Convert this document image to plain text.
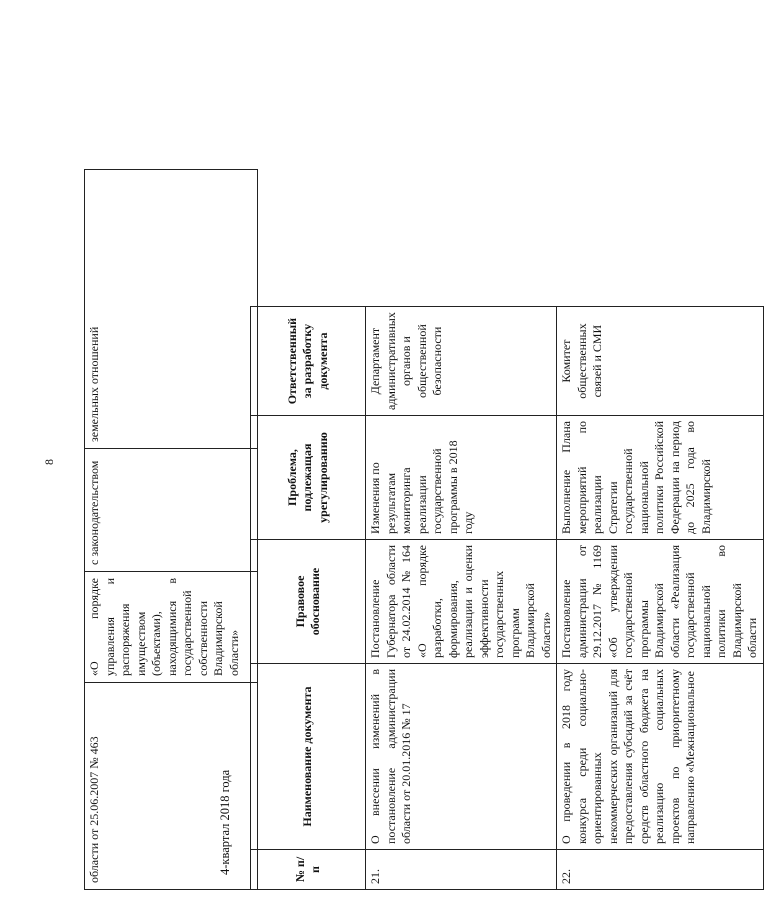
8
области от 25.06.2007 № 463	«О порядке управления и распоряжения имуществом (объектами), находящимися в государственной собственности Владимирской области»	с законодательством	земельных отношений
4-квартал 2018 года	№ п/п	Наименование документа	Правовое обоснование	Проблема, подлежащая урегулированию	Ответственный за разработку документа
21.	О внесении изменений в постановление администрации области от 20.01.2016 № 17	Постановление Губернатора области от 24.02.2014 № 164 «О порядке разработки, формирования, реализации и оценки эффективности государственных программ Владимирской области»	Изменения по результатам мониторинга реализации государственной программы в 2018 году	Департамент административных органов и общественной безопасности
22.	О проведении в 2018 году конкурса среди социально-ориентированных некоммерческих организаций для предоставления субсидий за счёт средств областного бюджета на реализацию социальных проектов по приоритетному направлению «Межнациональное	Постановление администрации от 29.12.2017 № 1169 «Об утверждении государственной программы Владимирской области «Реализация государственной национальной политики во Владимирской области	Выполнение Плана мероприятий по реализации Стратегии государственной национальной политики Российской Федерации на период до 2025 года во Владимирской	Комитет общественных связей и СМИ
